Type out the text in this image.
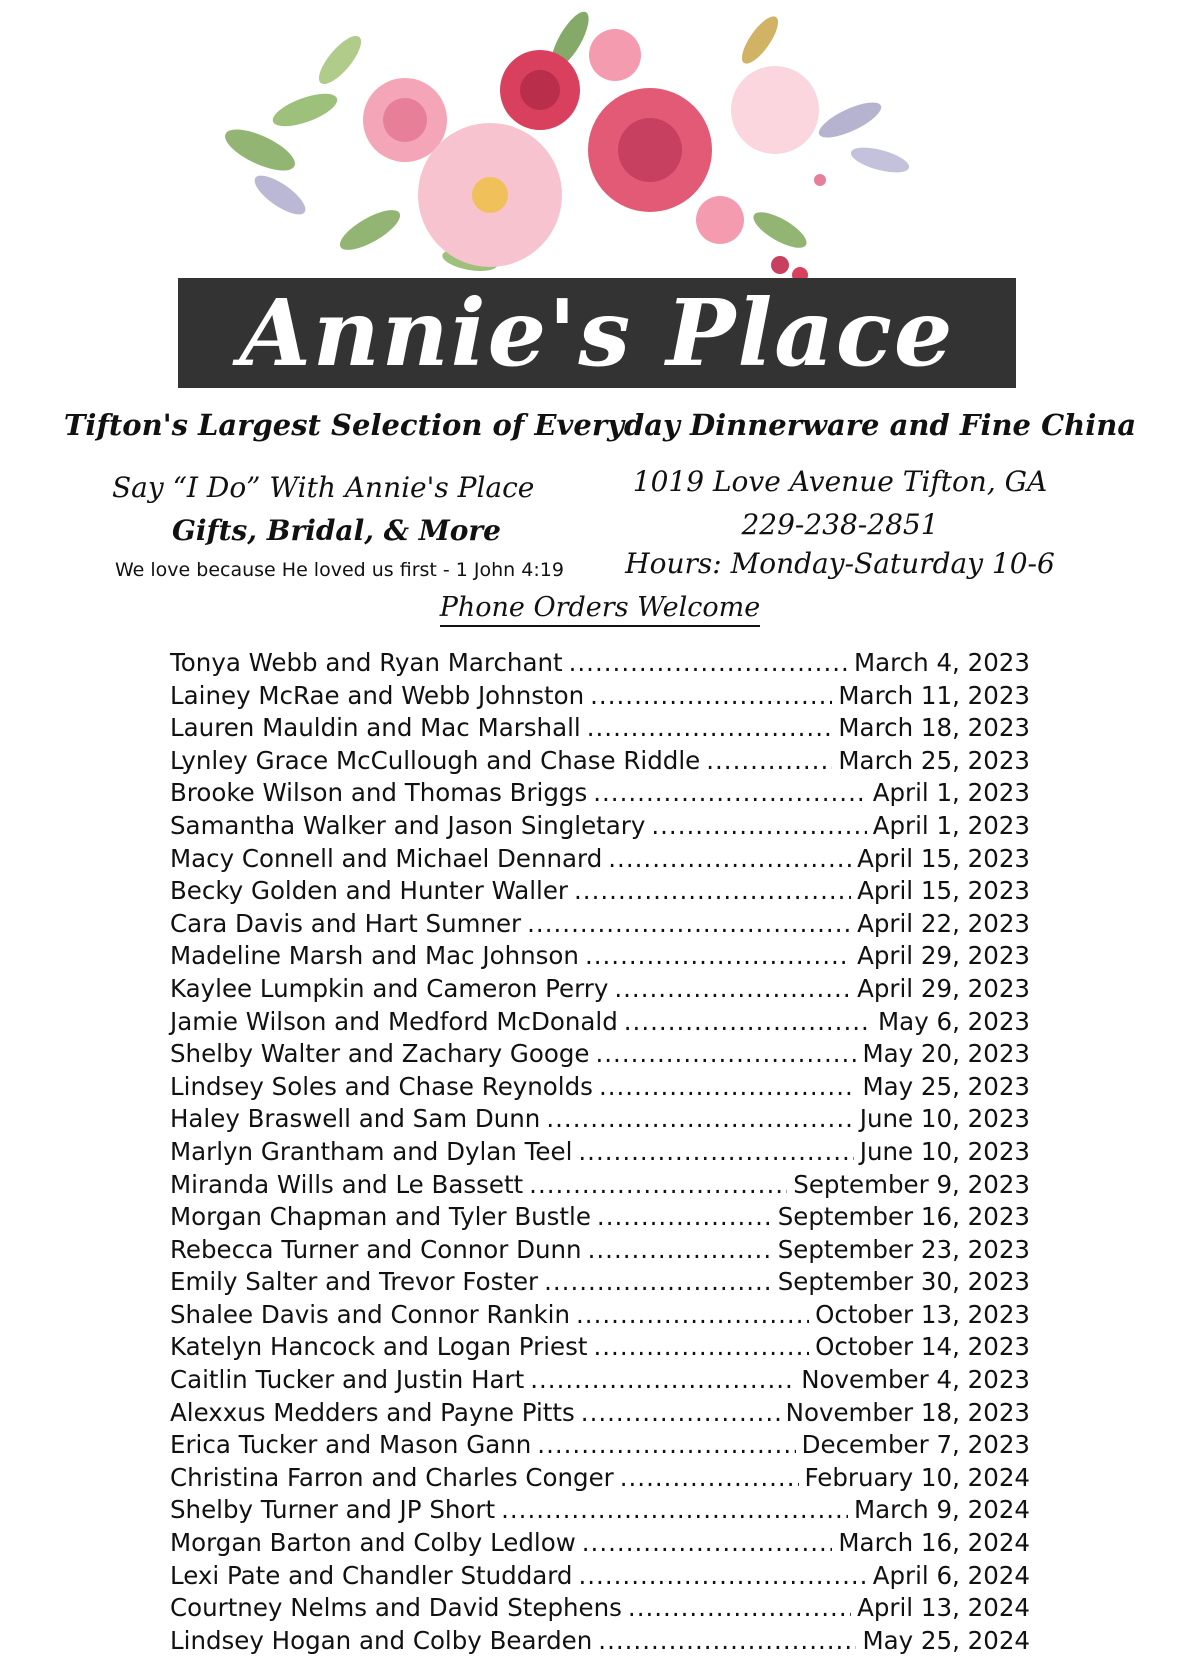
Annie's Place
Tifton's Largest Selection of Everyday Dinnerware and Fine China
Say “I Do” With Annie's Place
Gifts, Bridal, & More
We love because He loved us first - 1 John 4:19
1019 Love Avenue Tifton, GA
229-238-2851
Hours: Monday-Saturday 10-6
Phone Orders Welcome
Tonya Webb and Ryan Marchant .....	March 4, 2023
Lainey McRae and Webb Johnston .....	March 11, 2023
Lauren Mauldin and Mac Marshall .....	March 18, 2023
Lynley Grace McCullough and Chase Riddle .....	March 25, 2023
Brooke Wilson and Thomas Briggs .....	April 1, 2023
Samantha Walker and Jason Singletary .....	April 1, 2023
Macy Connell and Michael Dennard .....	April 15, 2023
Becky Golden and Hunter Waller .....	April 15, 2023
Cara Davis and Hart Sumner .....	April 22, 2023
Madeline Marsh and Mac Johnson .....	April 29, 2023
Kaylee Lumpkin and Cameron Perry .....	April 29, 2023
Jamie Wilson and Medford McDonald .....	May 6, 2023
Shelby Walter and Zachary Googe .....	May 20, 2023
Lindsey Soles and Chase Reynolds .....	May 25, 2023
Haley Braswell and Sam Dunn .....	June 10, 2023
Marlyn Grantham and Dylan Teel .....	June 10, 2023
Miranda Wills and Le Bassett .....	September 9, 2023
Morgan Chapman and Tyler Bustle .....	September 16, 2023
Rebecca Turner and Connor Dunn .....	September 23, 2023
Emily Salter and Trevor Foster .....	September 30, 2023
Shalee Davis and Connor Rankin .....	October 13, 2023
Katelyn Hancock and Logan Priest .....	October 14, 2023
Caitlin Tucker and Justin Hart .....	November 4, 2023
Alexxus Medders and Payne Pitts .....	November 18, 2023
Erica Tucker and Mason Gann .....	December 7, 2023
Christina Farron and Charles Conger .....	February 10, 2024
Shelby Turner and JP Short .....	March 9, 2024
Morgan Barton and Colby Ledlow .....	March 16, 2024
Lexi Pate and Chandler Studdard .....	April 6, 2024
Courtney Nelms and David Stephens .....	April 13, 2024
Lindsey Hogan and Colby Bearden .....	May 25, 2024
